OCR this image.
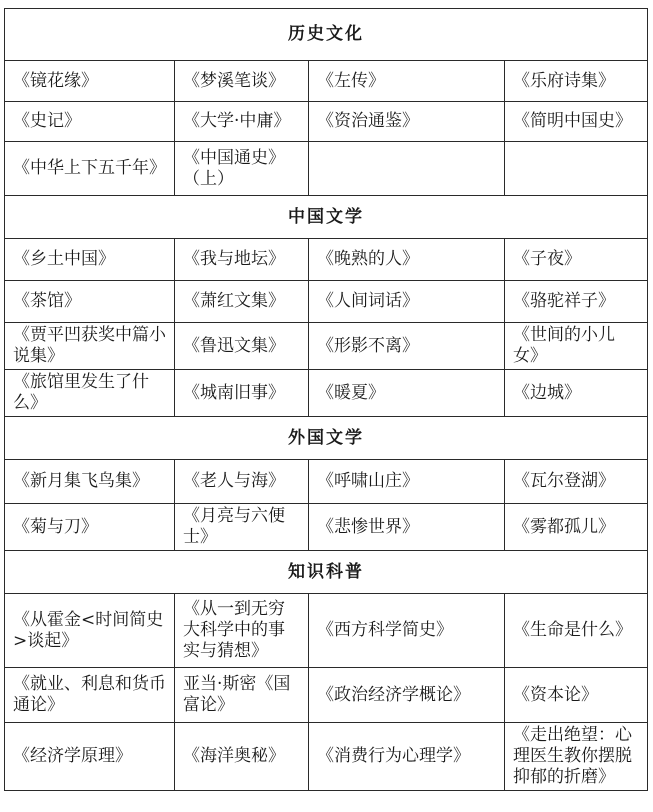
历史文化			
《镜花缘》	《梦溪笔谈》	《左传》	《乐府诗集》
《史记》	《大学·中庸》	《资治通鉴》	《简明中国史》
《中华上下五千年》	《中国通史》（上）		
中国文学			
《乡土中国》	《我与地坛》	《晚熟的人》	《子夜》
《茶馆》	《萧红文集》	《人间词话》	《骆驼祥子》
《贾平凹获奖中篇小说集》	《鲁迅文集》	《形影不离》	《世间的小儿女》
《旅馆里发生了什么》	《城南旧事》	《暖夏》	《边城》
外国文学			
《新月集飞鸟集》	《老人与海》	《呼啸山庄》	《瓦尔登湖》
《菊与刀》	《月亮与六便士》	《悲惨世界》	《雾都孤儿》
知识科普			
《从霍金<时间简史>谈起》	《从一到无穷大科学中的事实与猜想》	《西方科学简史》	《生命是什么》
《就业、利息和货币通论》	亚当·斯密《国富论》	《政治经济学概论》	《资本论》
《经济学原理》	《海洋奥秘》	《消费行为心理学》	《走出绝望：心理医生教你摆脱抑郁的折磨》
